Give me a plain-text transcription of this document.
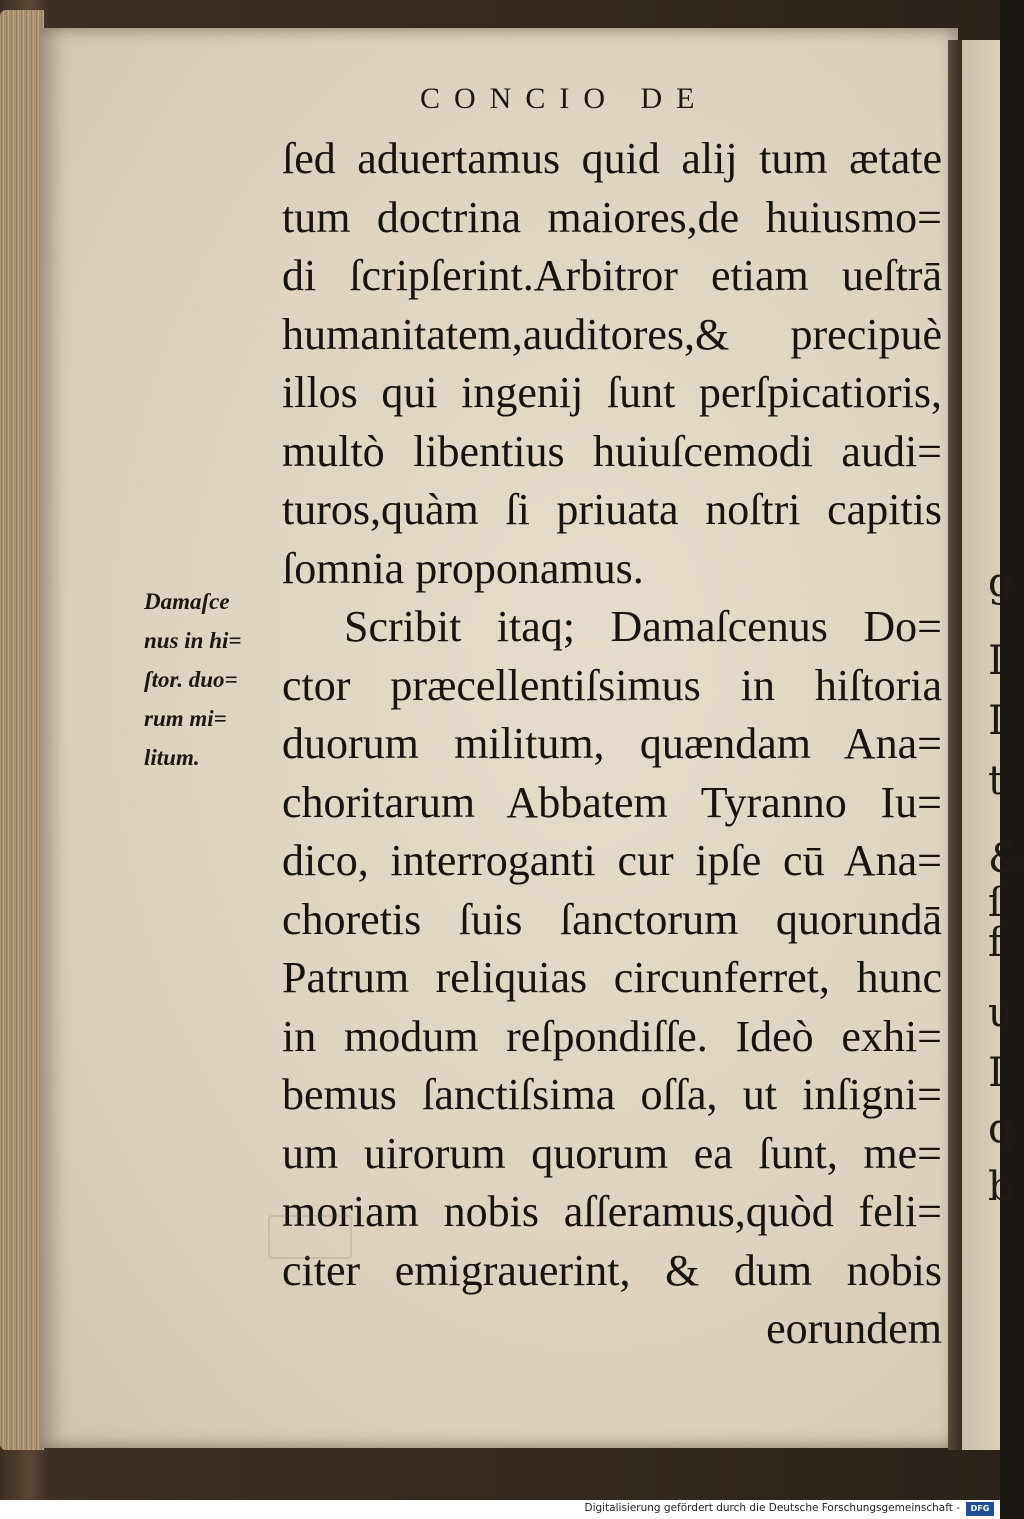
g
I
I
t
&
ſ
f
u
I
q
b
CONCIO DE
ſed aduertamus quid alij tum ætate
tum doctrina maiores,de huiusmo=
di ſcripſerint.Arbitror etiam ueſtrā
humanitatem,auditores,& precipuè
illos qui ingenij ſunt perſpicatioris,
multò libentius huiuſcemodi audi=
turos,quàm ſi priuata noſtri capitis
ſomnia proponamus.
Scribit itaq; Damaſcenus Do=
ctor præcellentiſsimus in hiſtoria
duorum militum, quændam Ana=
choritarum Abbatem Tyranno Iu=
dico, interroganti cur ipſe cū Ana=
choretis ſuis ſanctorum quorundā
Patrum reliquias circunferret, hunc
in modum reſpondiſſe. Ideò exhi=
bemus ſanctiſsima oſſa, ut inſigni=
um uirorum quorum ea ſunt, me=
moriam nobis aſſeramus,quòd feli=
citer emigrauerint, & dum nobis
eorundem
Damaſce
nus in hi=
ſtor. duo=
rum mi=
litum.
Digitalisierung gefördert durch die Deutsche Forschungsgemeinschaft -	DFG
